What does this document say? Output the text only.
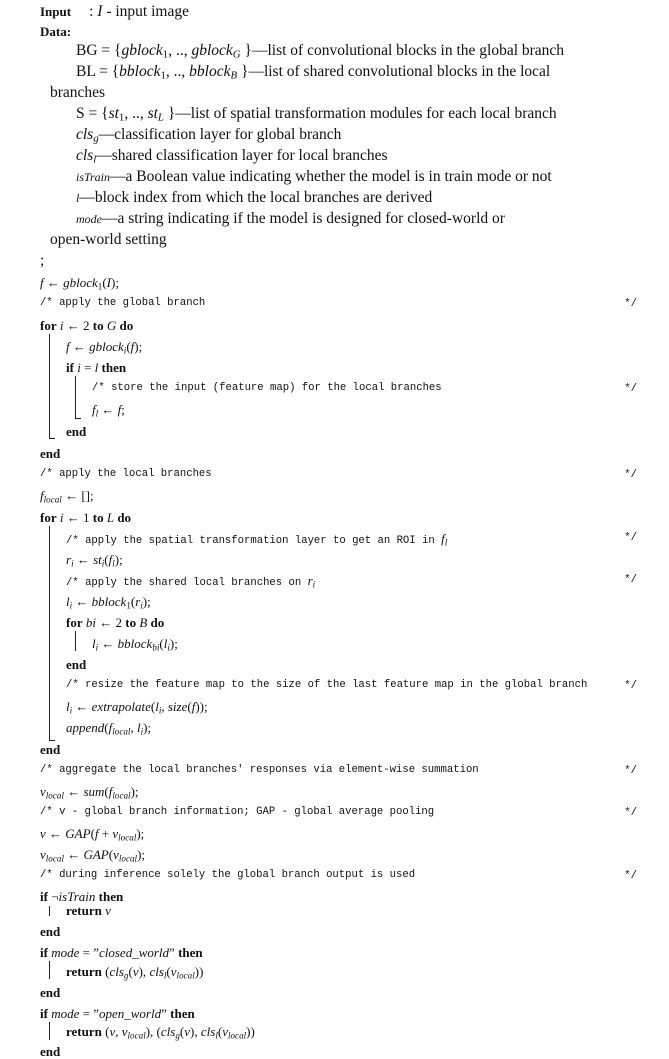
Input : I - input image
Data:
BG = {gblock$_1$, .., gblock$_G$ }—list of convolutional blocks in the global branch
BL = {bblock$_1$, .., bblock$_B$ }—list of shared convolutional blocks in the local
branches
$S = \{st_1$, .., $st_L$ }—list of spatial transformation modules for each local branch
cls$_g$—classification layer for global branch
cls$_l$—shared classification layer for local branches
isTrain—a Boolean value indicating whether the model is in train mode or not
l—block index from which the local branches are derived
mode—a string indicating if the model is designed for closed-world or
open-world setting
;
f ← gblock$_1$(I);
/* apply the global branch	*/
for i ← 2 to G do
f ← gblock$_i$(f);
if i = l then
/* store the input (feature map) for the local branches	*/
$f_l$ ← f;
end
end
/* apply the local branches	*/
$f_{local}$ ← [];
for i ← 1 to L do
/* apply the spatial transformation layer to get an ROI in $f_l$	*/
$r_i$ ← $st_i(f_l)$;
/* apply the shared local branches on $r_i$	*/
$l_i$ ← $bblock_1(r_i)$;
for bi ← 2 to B do
$l_i$ ← $bblock_{bi}(l_i)$;
end
/* resize the feature map to the size of the last feature map in the global branch	*/
$l_i$ ← $extrapolate(l_i$, size(f));
$append(f_{local}$, $l_i$);
end
/* aggregate the local branches' responses via element-wise summation	*/
$v_{local}$ ← $sum(f_{local})$;
/* v - global branch information; GAP - global average pooling	*/
v ← $GAP(f + v_{local})$;
$v_{local}$ ← $GAP(v_{local})$;
/* during inference solely the global branch output is used	*/
if ¬isTrain then
return v
end
if mode = ”closed_world” then
return (cls$_g$(v), $cls_l(v_{local})$)
end
if mode = ”open_world” then
return (v, $v_{local}$), (cls$_g$(v), $cls_l(v_{local})$)
end
